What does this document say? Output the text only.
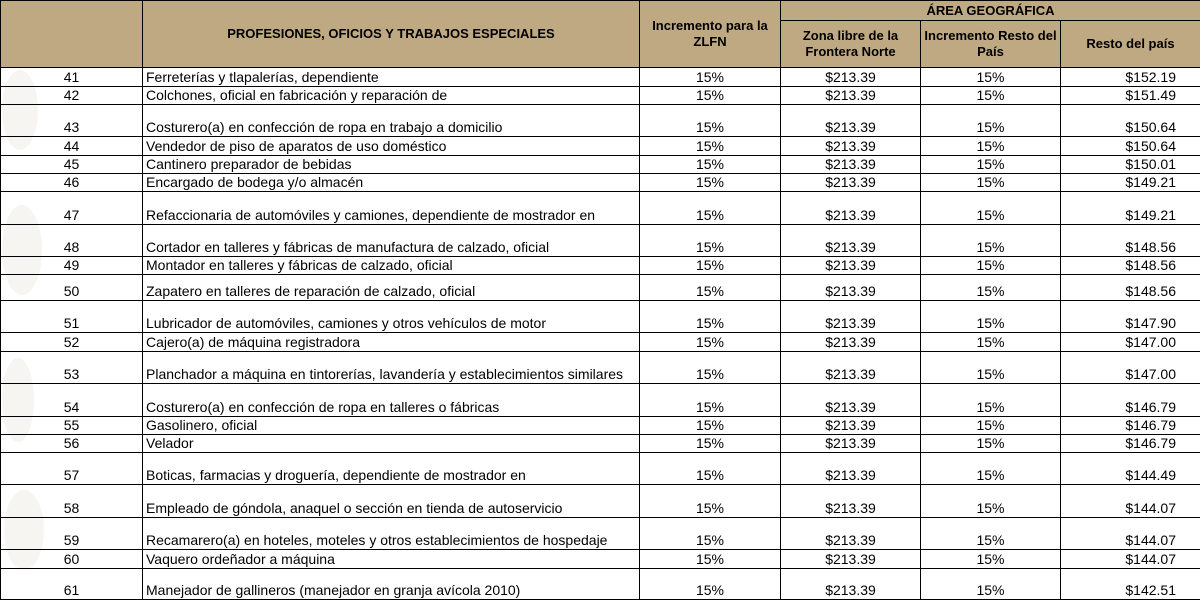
	PROFESIONES, OFICIOS Y TRABAJOS ESPECIALES	Incremento para la ZLFN	ÁREA GEOGRÁFICA		
			Zona libre de la Frontera Norte	Incremento Resto del País	Resto del país
41	Ferreterías y tlapalerías, dependiente	15%	$213.39	15%	$152.19
42	Colchones, oficial en fabricación y reparación de	15%	$213.39	15%	$151.49
43	Costurero(a) en confección de ropa en trabajo a domicilio	15%	$213.39	15%	$150.64
44	Vendedor de piso de aparatos de uso doméstico	15%	$213.39	15%	$150.64
45	Cantinero preparador de bebidas	15%	$213.39	15%	$150.01
46	Encargado de bodega y/o almacén	15%	$213.39	15%	$149.21
47	Refaccionaria de automóviles y camiones, dependiente de mostrador en	15%	$213.39	15%	$149.21
48	Cortador en talleres y fábricas de manufactura de calzado, oficial	15%	$213.39	15%	$148.56
49	Montador en talleres y fábricas de calzado, oficial	15%	$213.39	15%	$148.56
50	Zapatero en talleres de reparación de calzado, oficial	15%	$213.39	15%	$148.56
51	Lubricador de automóviles, camiones y otros vehículos de motor	15%	$213.39	15%	$147.90
52	Cajero(a) de máquina registradora	15%	$213.39	15%	$147.00
53	Planchador a máquina en tintorerías, lavandería y establecimientos similares	15%	$213.39	15%	$147.00
54	Costurero(a) en confección de ropa en talleres o fábricas	15%	$213.39	15%	$146.79
55	Gasolinero, oficial	15%	$213.39	15%	$146.79
56	Velador	15%	$213.39	15%	$146.79
57	Boticas, farmacias y droguería, dependiente de mostrador en	15%	$213.39	15%	$144.49
58	Empleado de góndola, anaquel o sección en tienda de autoservicio	15%	$213.39	15%	$144.07
59	Recamarero(a) en hoteles, moteles y otros establecimientos de hospedaje	15%	$213.39	15%	$144.07
60	Vaquero ordeñador a máquina	15%	$213.39	15%	$144.07
61	Manejador de gallineros (manejador en granja avícola 2010)	15%	$213.39	15%	$142.51
